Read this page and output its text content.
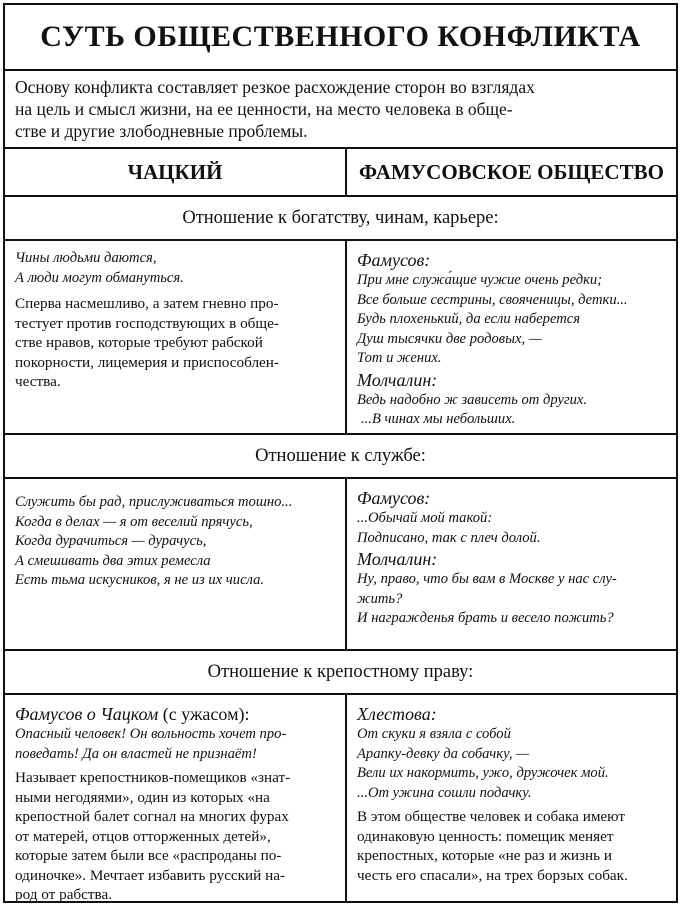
СУТЬ ОБЩЕСТВЕННОГО КОНФЛИКТА
Основу конфликта составляет резкое расхождение сторон во взглядах
на цель и смысл жизни, на ее ценности, на место человека в обще-
стве и другие злободневные проблемы.
ЧАЦКИЙ	ФАМУСОВСКОЕ ОБЩЕСТВО
Отношение к богатству, чинам, карьере:
Чины людьми даются,
А люди могут обмануться.
Сперва насмешливо, а затем гневно про-
тестует против господствующих в обще-
стве нравов, которые требуют рабской
покорности, лицемерия и приспособлен-
чества.
Фамусов:
При мне служа́щие чужие очень редки;
Все больше сестрины, свояченицы, детки...
Будь плохенький, да если наберется
Душ тысячки две родовых, —
Тот и жених.
Молчалин:
Ведь надобно ж зависеть от других.
...В чинах мы небольших.
Отношение к службе:
Служить бы рад, прислуживаться тошно...
Когда в делах — я от веселий прячусь,
Когда дурачиться — дурачусь,
А смешивать два этих ремесла
Есть тьма искусников, я не из их числа.
Фамусов:
...Обычай мой такой:
Подписано, так с плеч долой.
Молчалин:
Ну, право, что бы вам в Москве у нас слу-
жить?
И награжденья брать и весело пожить?
Отношение к крепостному праву:
Фамусов о Чацком (с ужасом):
Опасный человек! Он вольность хочет про-
поведать! Да он властей не признаёт!
Называет крепостников-помещиков «знат-
ными негодяями», один из которых «на
крепостной балет согнал на многих фурах
от матерей, отцов отторженных детей»,
которые затем были все «распроданы по-
одиночке». Мечтает избавить русский на-
род от рабства.
Хлестова:
От скуки я взяла с собой
Арапку-девку да собачку, —
Вели их накормить, ужо, дружочек мой.
...От ужина сошли подачку.
В этом обществе человек и собака имеют
одинаковую ценность: помещик меняет
крепостных, которые «не раз и жизнь и
честь его спасали», на трех борзых собак.
